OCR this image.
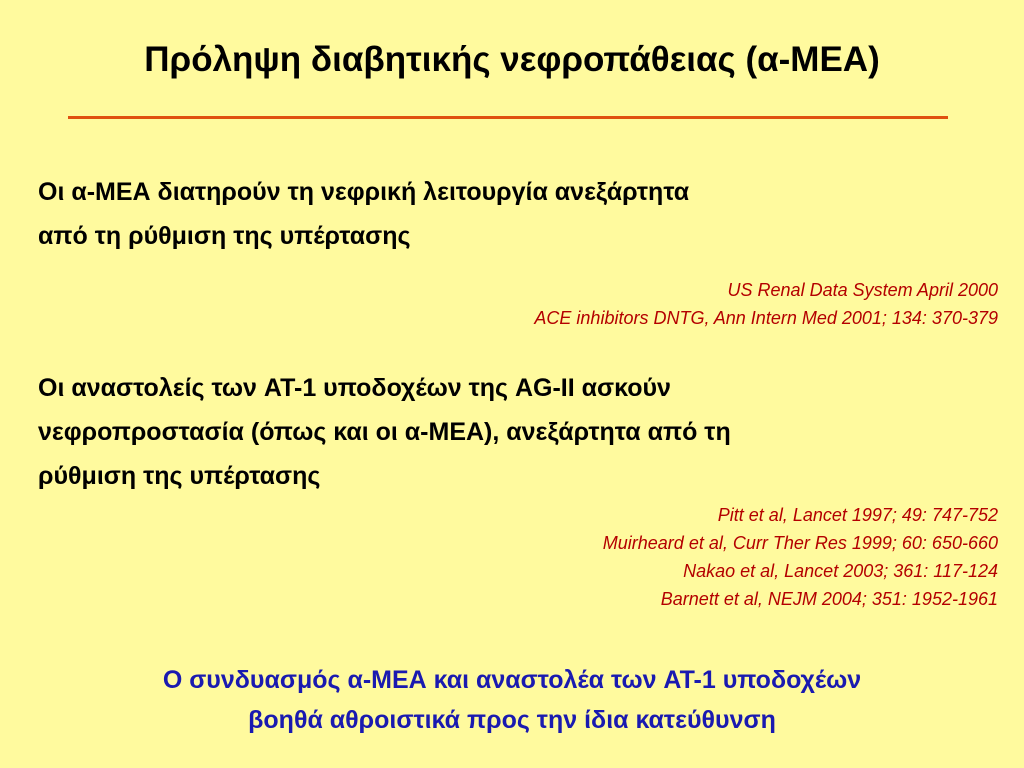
Πρόληψη διαβητικής νεφροπάθειας (α-ΜΕΑ)
Οι α-ΜΕΑ διατηρούν τη νεφρική λειτουργία ανεξάρτητα
από τη ρύθμιση της υπέρτασης
US Renal Data System April 2000
ACE inhibitors DNTG, Ann Intern Med 2001; 134: 370-379
Οι αναστολείς των AT-1 υποδοχέων της AG-II ασκούν
νεφροπροστασία (όπως και οι α-ΜΕΑ), ανεξάρτητα από τη
ρύθμιση της υπέρτασης
Pitt et al, Lancet 1997; 49: 747-752
Muirheard et al, Curr Ther Res 1999; 60: 650-660
Nakao et al, Lancet 2003; 361: 117-124
Barnett et al, NEJM 2004; 351: 1952-1961
Ο συνδυασμός α-ΜΕΑ και αναστολέα των AT-1 υποδοχέων
βοηθά αθροιστικά προς την ίδια κατεύθυνση
